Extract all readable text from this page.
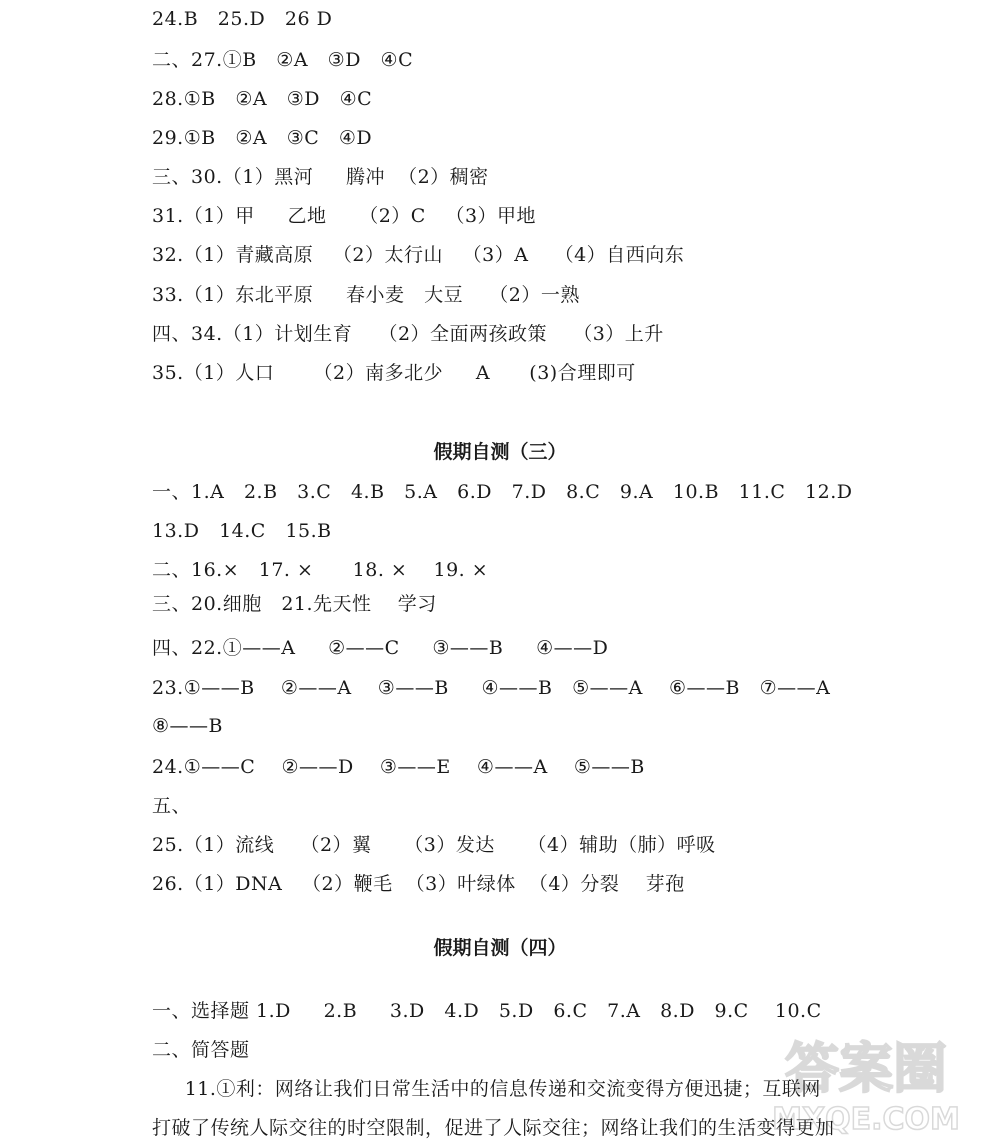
24.B   25.D   26 D
二、27.①B   ②A   ③D   ④C
28.①B   ②A   ③D   ④C
29.①B   ②A   ③C   ④D
三、30.（1）黑河     腾冲  （2）稠密
31.（1）甲     乙地     （2）C   （3）甲地
32.（1）青藏高原   （2）太行山   （3）A    （4）自西向东
33.（1）东北平原     春小麦   大豆    （2）一熟
四、34.（1）计划生育    （2）全面两孩政策    （3）上升
35.（1）人口      （2）南多北少     A      (3)合理即可
假期自测（三）
一、1.A   2.B   3.C   4.B   5.A   6.D   7.D   8.C   9.A   10.B   11.C   12.D
13.D   14.C   15.B
二、16.×   17. ×      18. ×    19. ×
三、20.细胞   21.先天性    学习
四、22.①——A     ②——C     ③——B     ④——D
23.①——B    ②——A    ③——B     ④——B   ⑤——A    ⑥——B   ⑦——A
⑧——B
24.①——C    ②——D    ③——E    ④——A    ⑤——B
五、
25.（1）流线    （2）翼     （3）发达     （4）辅助（肺）呼吸
26.（1）DNA   （2）鞭毛  （3）叶绿体  （4）分裂    芽孢
假期自测（四）
一、选择题 1.D     2.B     3.D   4.D   5.D   6.C   7.A   8.D   9.C    10.C
二、简答题
11.①利：网络让我们日常生活中的信息传递和交流变得方便迅捷；互联网
打破了传统人际交往的时空限制，促进了人际交往；网络让我们的生活变得更加
答案圈
MXQE.COM
